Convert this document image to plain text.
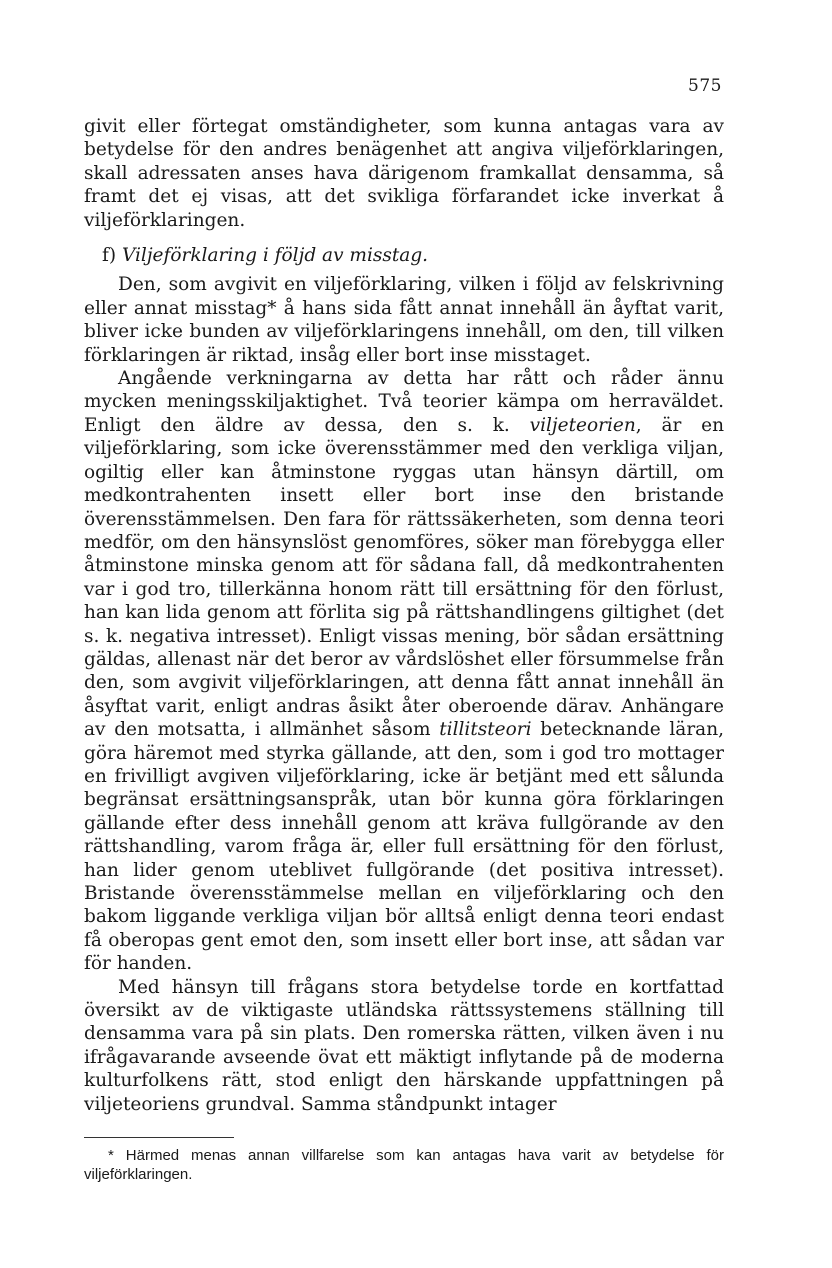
575

givit eller förtegat omständigheter, som kunna antagas vara av betydelse för den andres benägenhet att angiva viljeförklaringen, skall adressaten anses hava därigenom framkallat densamma, så framt det ej visas, att det svikliga förfarandet icke inverkat å viljeförklaringen.

f) Viljeförklaring i följd av misstag.

Den, som avgivit en viljeförklaring, vilken i följd av felskrivning eller annat misstag* å hans sida fått annat innehåll än åyftat varit, bliver icke bunden av viljeförklaringens innehåll, om den, till vilken förklaringen är riktad, insåg eller bort inse misstaget.

Angående verkningarna av detta har rått och råder ännu mycken meningsskiljaktighet. Två teorier kämpa om herraväldet. Enligt den äldre av dessa, den s. k. viljeteorien, är en viljeförklaring, som icke överensstämmer med den verkliga viljan, ogiltig eller kan åtminstone ryggas utan hänsyn därtill, om medkontrahenten insett eller bort inse den bristande överensstämmelsen. Den fara för rättssäkerheten, som denna teori medför, om den hänsynslöst genomföres, söker man förebygga eller åtminstone minska genom att för sådana fall, då medkontrahenten var i god tro, tillerkänna honom rätt till ersättning för den förlust, han kan lida genom att förlita sig på rättshandlingens giltighet (det s. k. negativa intresset). Enligt vissas mening, bör sådan ersättning gäldas, allenast när det beror av vårdslöshet eller försummelse från den, som avgivit viljeförklaringen, att denna fått annat innehåll än åsyftat varit, enligt andras åsikt åter oberoende därav. Anhängare av den motsatta, i allmänhet såsom tillitsteori betecknande läran, göra häremot med styrka gällande, att den, som i god tro mottager en frivilligt avgiven viljeförklaring, icke är betjänt med ett sålunda begränsat ersättningsanspråk, utan bör kunna göra förklaringen gällande efter dess innehåll genom att kräva fullgörande av den rättshandling, varom fråga är, eller full ersättning för den förlust, han lider genom uteblivet fullgörande (det positiva intresset). Bristande överensstämmelse mellan en viljeförklaring och den bakom liggande verkliga viljan bör alltså enligt denna teori endast få oberopas gent emot den, som insett eller bort inse, att sådan var för handen.

Med hänsyn till frågans stora betydelse torde en kortfattad översikt av de viktigaste utländska rättssystemens ställning till densamma vara på sin plats. Den romerska rätten, vilken även i nu ifrågavarande avseende övat ett mäktigt inflytande på de moderna kulturfolkens rätt, stod enligt den härskande uppfattningen på viljeteoriens grundval. Samma ståndpunkt intager

* Härmed menas annan villfarelse som kan antagas hava varit av betydelse för viljeförklaringen.
